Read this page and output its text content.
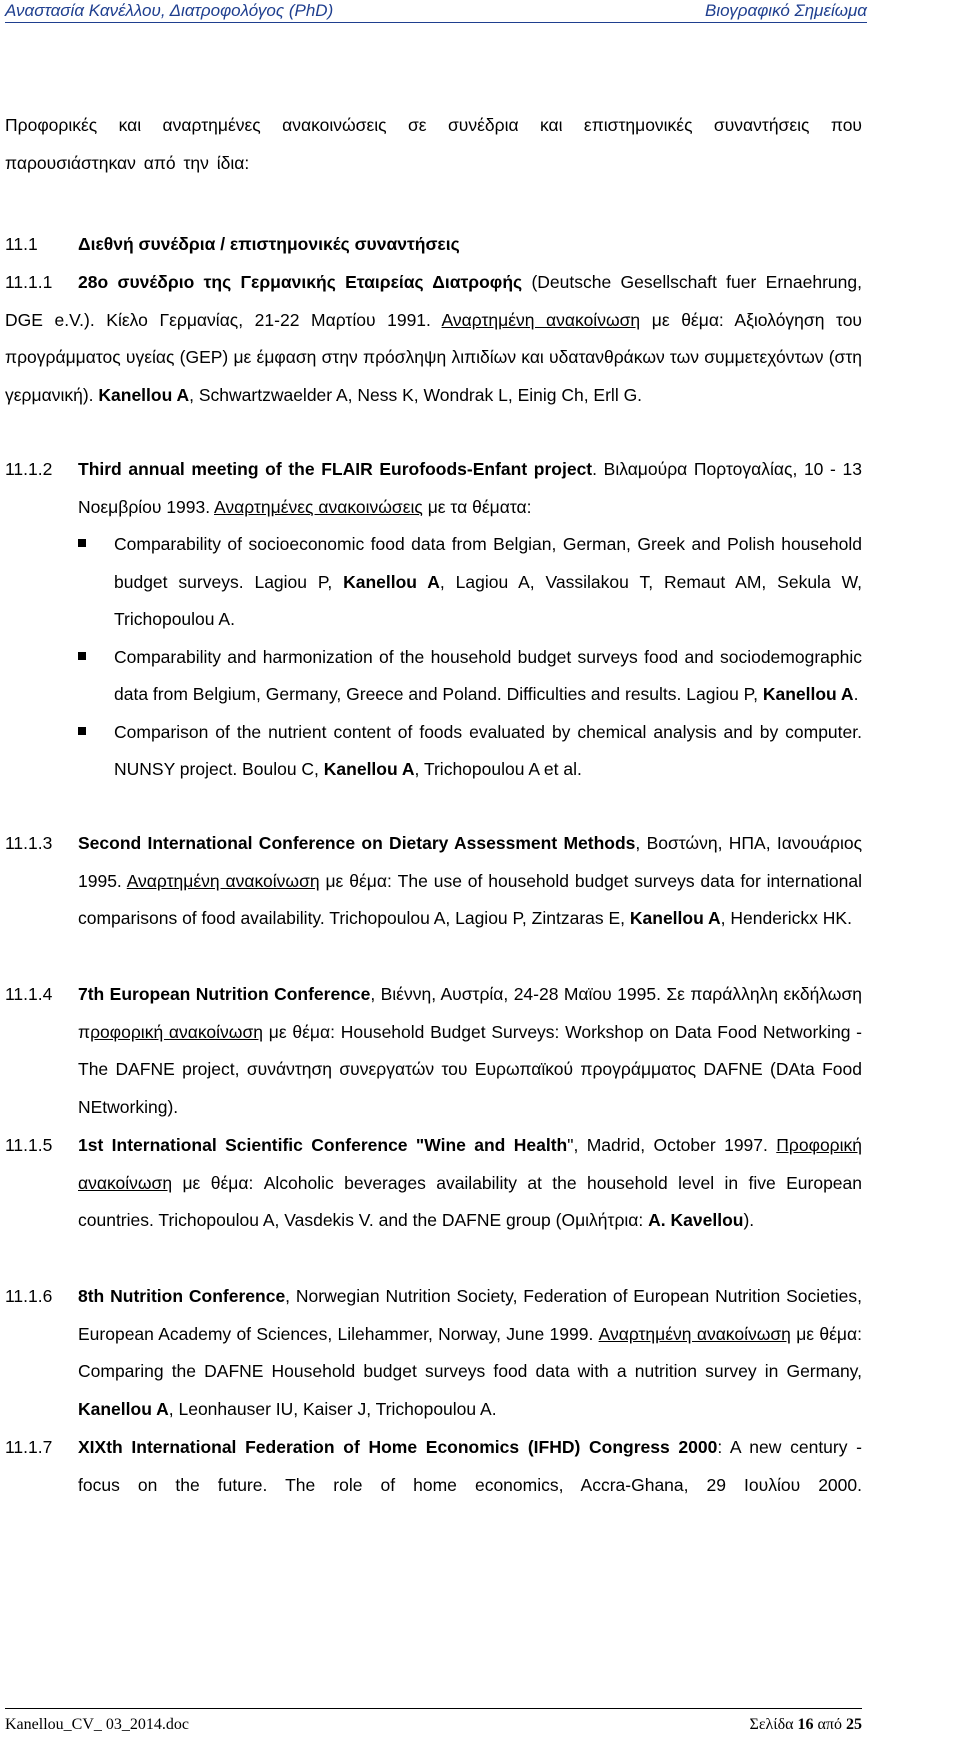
Αναστασία Κανέλλου, Διατροφολόγος (PhD)	Βιογραφικό Σημείωμα
Προφορικές και αναρτημένες ανακοινώσεις σε συνέδρια και επιστημονικές συναντήσεις που παρουσιάστηκαν από την ίδια:
11.1 Διεθνή συνέδρια / επιστημονικές συναντήσεις
11.1.1	28ο συνέδριο της Γερμανικής Εταιρείας Διατροφής (Deutsche Gesellschaft fuer Ernaehrung, DGE e.V.). Κίελο Γερμανίας, 21-22 Μαρτίου 1991. Αναρτημένη ανακοίνωση με θέμα: Αξιολόγηση του προγράμματος υγείας (GEP) με έμφαση στην πρόσληψη λιπιδίων και υδατανθράκων των συμμετεχόντων (στη γερμανική). Kanellou A, Schwartzwaelder A, Ness K, Wondrak L, Einig Ch, Erll G.
11.1.2 Third annual meeting of the FLAIR Eurofoods-Enfant project. Βιλαμούρα Πορτογαλίας, 10 - 13 Νοεμβρίου 1993. Αναρτημένες ανακοινώσεις με τα θέματα:
Comparability of socioeconomic food data from Belgian, German, Greek and Polish household budget surveys. Lagiou P, Kanellou A, Lagiou A, Vassilakou T, Remaut AM, Sekula W, Trichopoulou A.
Comparability and harmonization of the household budget surveys food and sociodemographic data from Belgium, Germany, Greece and Poland. Difficulties and results. Lagiou P, Kanellou A.
Comparison of the nutrient content of foods evaluated by chemical analysis and by computer. NUNSY project. Boulou C, Kanellou A, Trichopoulou A et al.
11.1.3 Second International Conference on Dietary Assessment Methods, Βοστώνη, ΗΠΑ, Ιανουάριος 1995. Αναρτημένη ανακοίνωση με θέμα: The use of household budget surveys data for international comparisons of food availability. Trichopoulou A, Lagiou P, Zintzaras E, Kanellou A, Henderickx HK.
11.1.4 7th European Nutrition Conference, Βιέννη, Αυστρία, 24-28 Μαϊου 1995. Σε παράλληλη εκδήλωση προφορική ανακοίνωση με θέμα: Household Budget Surveys: Workshop on Data Food Networking - The DAFNE project, συνάντηση συνεργατών του Ευρωπαϊκού προγράμματος DAFNE (DAta Food NEtworking).
11.1.5 1st International Scientific Conference "Wine and Health", Madrid, October 1997. Προφορική ανακοίνωση με θέμα: Alcoholic beverages availability at the household level in five European countries. Trichopoulou A, Vasdekis V. and the DAFNE group (Ομιλήτρια: Α. Κaνellou).
11.1.6 8th Nutrition Conference, Norwegian Nutrition Society, Federation of European Nutrition Societies, European Academy of Sciences, Lilehammer, Norway, June 1999. Αναρτημένη ανακοίνωση με θέμα: Comparing the DAFNE Household budget surveys food data with a nutrition survey in Germany, Kanellou A, Leonhauser IU, Kaiser J, Trichopoulou A.
11.1.7 XIXth International Federation of Home Economics (IFHD) Congress 2000: A new century - focus on the future. The role of home economics, Accra-Ghana, 29 Ιουλίου 2000.
Kanellou_CV_ 03_2014.doc	Σελίδα 16 από 25
